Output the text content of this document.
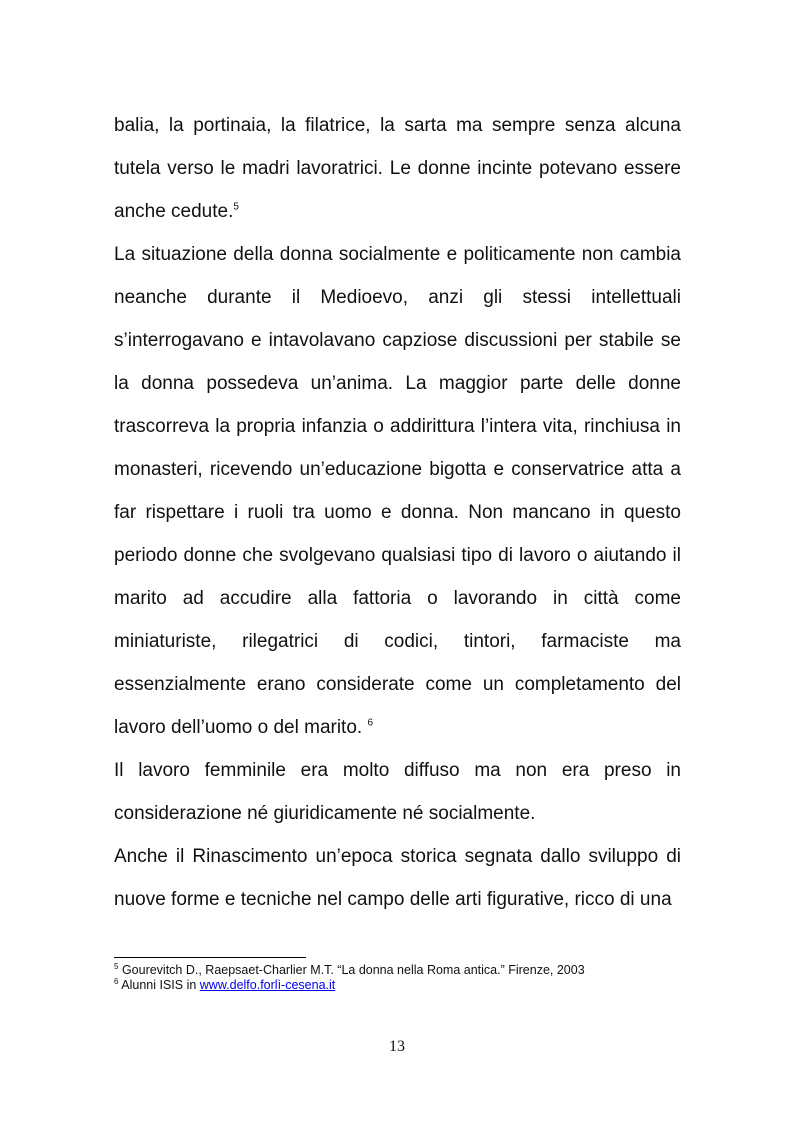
balia, la portinaia, la filatrice, la sarta ma sempre senza alcuna tutela verso le madri lavoratrici. Le donne incinte potevano essere anche cedute.$^5$

La situazione della donna socialmente e politicamente non cambia neanche durante il Medioevo, anzi gli stessi intellettuali s’interrogavano e intavolavano capziose discussioni per stabile se la donna possedeva un’anima. La maggior parte delle donne trascorreva la propria infanzia o addirittura l’intera vita, rinchiusa in monasteri, ricevendo un’educazione bigotta e conservatrice atta a far rispettare i ruoli tra uomo e donna. Non mancano in questo periodo donne che svolgevano qualsiasi tipo di lavoro o aiutando il marito ad accudire alla fattoria o lavorando in città come miniaturiste, rilegatrici di codici, tintori, farmaciste ma essenzialmente erano considerate come un completamento del lavoro dell’uomo o del marito. $^6$

Il lavoro femminile era molto diffuso ma non era preso in considerazione né giuridicamente né socialmente.

Anche il Rinascimento un’epoca storica segnata dallo sviluppo di nuove forme e tecniche nel campo delle arti figurative, ricco di una

$^5$ Gourevitch D., Raepsaet-Charlier M.T. “La donna nella Roma antica.” Firenze, 2003

$^6$ Alunni ISIS in www.delfo.forlì-cesena.it

13
